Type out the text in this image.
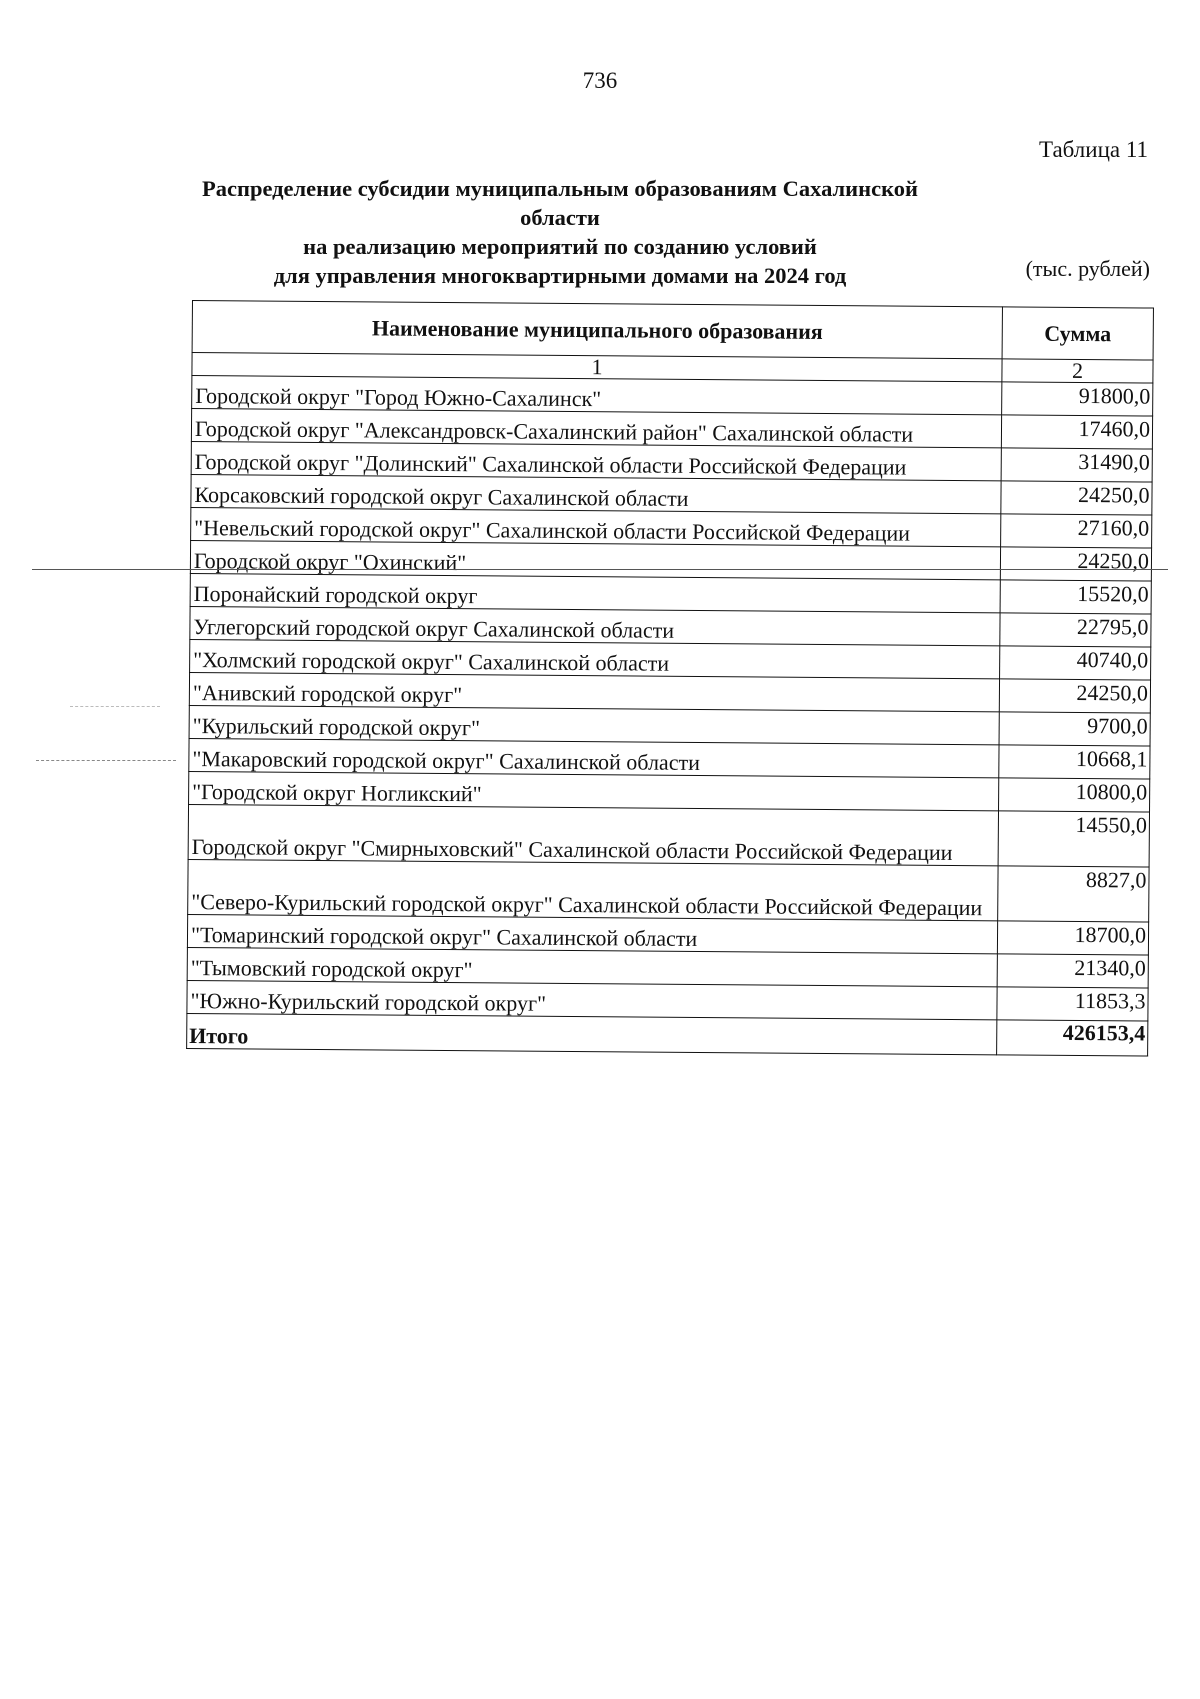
736
Таблица 11
Распределение субсидии муниципальным образованиям Сахалинской области
на реализацию мероприятий по созданию условий
для управления многоквартирными домами на 2024 год	(тыс. рублей)
Наименование муниципального образования	Сумма
1	2
Городской округ "Город Южно-Сахалинск"	91800,0
Городской округ "Александровск-Сахалинский район" Сахалинской области	17460,0
Городской округ "Долинский" Сахалинской области Российской Федерации	31490,0
Корсаковский городской округ Сахалинской области	24250,0
"Невельский городской округ" Сахалинской области Российской Федерации	27160,0
Городской округ "Охинский"	24250,0
Поронайский городской округ	15520,0
Углегорский городской округ Сахалинской области	22795,0
"Холмский городской округ" Сахалинской области	40740,0
"Анивский городской округ"	24250,0
"Курильский городской округ"	9700,0
"Макаровский городской округ" Сахалинской области	10668,1
"Городской округ Ногликский"	10800,0
Городской округ "Смирныховский" Сахалинской области Российской Федерации	14550,0
"Северо-Курильский городской округ" Сахалинской области Российской Федерации	8827,0
"Томаринский городской округ" Сахалинской области	18700,0
"Тымовский городской округ"	21340,0
"Южно-Курильский городской округ"	11853,3
Итого	426153,4
